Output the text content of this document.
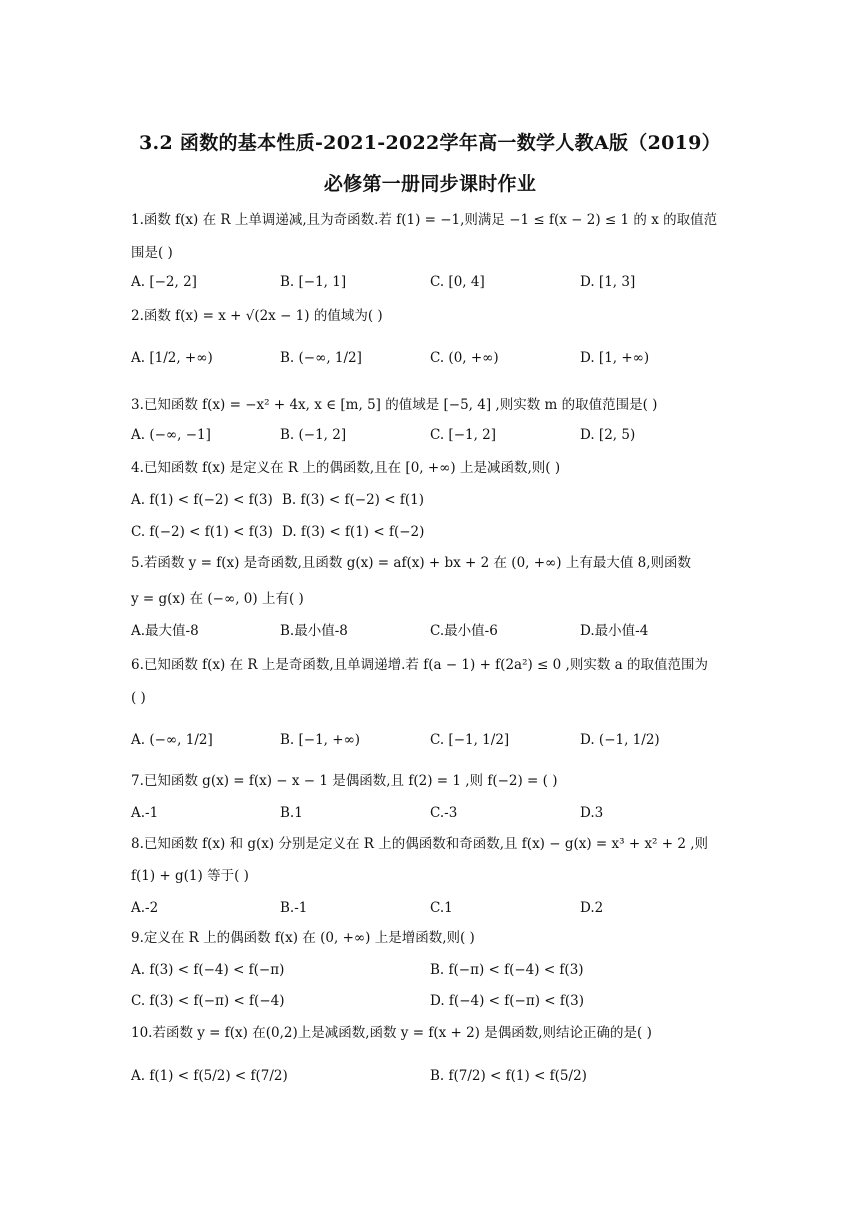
3.2 函数的基本性质-2021-2022学年高一数学人教A版（2019）
必修第一册同步课时作业
1.函数 f(x) 在 R 上单调递减,且为奇函数.若 f(1) = −1,则满足 −1 ≤ f(x − 2) ≤ 1 的 x 的取值范
围是( )
A. [−2, 2]	B. [−1, 1]	C. [0, 4]	D. [1, 3]
2.函数 f(x) = x + √(2x − 1) 的值域为( )
A. [1/2, +∞)	B. (−∞, 1/2]	C. (0, +∞)	D. [1, +∞)
3.已知函数 f(x) = −x² + 4x, x ∈ [m, 5] 的值域是 [−5, 4] ,则实数 m 的取值范围是( )
A. (−∞, −1]	B. (−1, 2]	C. [−1, 2]	D. [2, 5)
4.已知函数 f(x) 是定义在 R 上的偶函数,且在 [0, +∞) 上是减函数,则( )
A. f(1) < f(−2) < f(3) B. f(3) < f(−2) < f(1)
C. f(−2) < f(1) < f(3) D. f(3) < f(1) < f(−2)
5.若函数 y = f(x) 是奇函数,且函数 g(x) = af(x) + bx + 2 在 (0, +∞) 上有最大值 8,则函数
y = g(x) 在 (−∞, 0) 上有( )
A.最大值-8	B.最小值-8	C.最小值-6	D.最小值-4
6.已知函数 f(x) 在 R 上是奇函数,且单调递增.若 f(a − 1) + f(2a²) ≤ 0 ,则实数 a 的取值范围为
( )
A. (−∞, 1/2]	B. [−1, +∞)	C. [−1, 1/2]	D. (−1, 1/2)
7.已知函数 g(x) = f(x) − x − 1 是偶函数,且 f(2) = 1 ,则 f(−2) = ( )
A.-1	B.1	C.-3	D.3
8.已知函数 f(x) 和 g(x) 分别是定义在 R 上的偶函数和奇函数,且 f(x) − g(x) = x³ + x² + 2 ,则
f(1) + g(1) 等于( )
A.-2	B.-1	C.1	D.2
9.定义在 R 上的偶函数 f(x) 在 (0, +∞) 上是增函数,则( )
A. f(3) < f(−4) < f(−π)	B. f(−π) < f(−4) < f(3)
C. f(3) < f(−π) < f(−4)	D. f(−4) < f(−π) < f(3)
10.若函数 y = f(x) 在(0,2)上是减函数,函数 y = f(x + 2) 是偶函数,则结论正确的是( )
A. f(1) < f(5/2) < f(7/2)	B. f(7/2) < f(1) < f(5/2)
